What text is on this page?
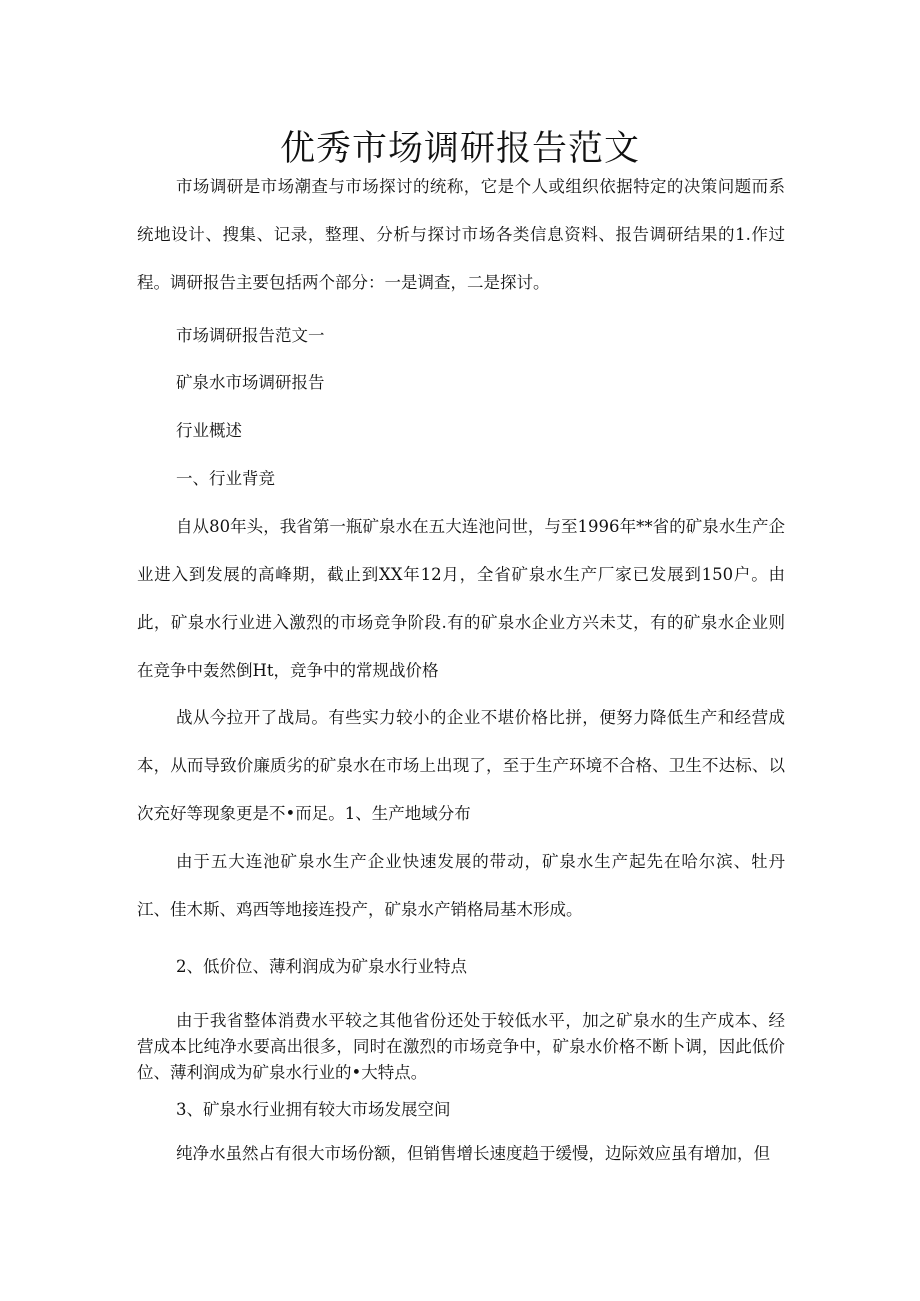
优秀市场调研报告范文

市场调研是市场潮查与市场探讨的统称，它是个人或组织依据特定的决策问题而系统地设计、搜集、记录，整理、分析与探讨市场各类信息资料、报告调研结果的1.作过程。调研报告主要包括两个部分：一是调查，二是探讨。

市场调研报告范文一

矿泉水市场调研报告

行业概述

一、行业背竞

自从80年头，我省第一瓶矿泉水在五大连池问世，与至1996年**省的矿泉水生产企业进入到发展的高峰期，截止到XX年12月，全省矿泉水生产厂家已发展到150户。由此，矿泉水行业进入激烈的市场竞争阶段.有的矿泉水企业方兴未艾，有的矿泉水企业则在竞争中轰然倒Ht，竞争中的常规战价格

战从今拉开了战局。有些实力较小的企业不堪价格比拼，便努力降低生产和经营成本，从而导致价廉质劣的矿泉水在市场上出现了，至于生产环境不合格、卫生不达标、以次充好等现象更是不•而足。1、生产地域分布

由于五大连池矿泉水生产企业快速发展的带动，矿泉水生产起先在哈尔滨、牡丹江、佳木斯、鸡西等地接连投产，矿泉水产销格局基木形成。

2、低价位、薄利润成为矿泉水行业特点

由于我省整体消费水平较之其他省份还处于较低水平，加之矿泉水的生产成本、经营成本比纯净水要高出很多，同时在激烈的市场竞争中，矿泉水价格不断卜调，因此低价位、薄利润成为矿泉水行业的•大特点。

3、矿泉水行业拥有较大市场发展空间

纯净水虽然占有很大市场份额，但销售增长速度趋于缓慢，边际效应虽有增加，但
